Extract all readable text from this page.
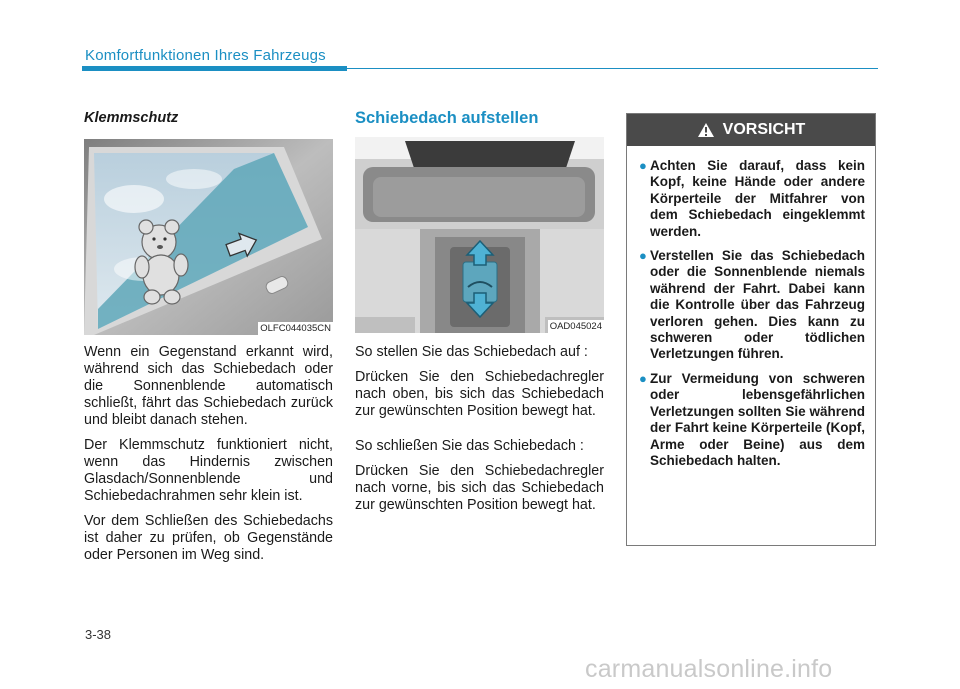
Komfortfunktionen Ihres Fahrzeugs

Klemmschutz

OLFC044035CN

Wenn ein Gegenstand erkannt wird, während sich das Schiebedach oder die Sonnenblende automatisch schließt, fährt das Schiebedach zurück und bleibt danach stehen.

Der Klemmschutz funktioniert nicht, wenn das Hindernis zwischen Glasdach/Sonnenblende und Schiebedachrahmen sehr klein ist.

Vor dem Schließen des Schiebedachs ist daher zu prüfen, ob Gegenstände oder Personen im Weg sind.

Schiebedach aufstellen

OAD045024

So stellen Sie das Schiebedach auf :

Drücken Sie den Schiebedachregler nach oben, bis sich das Schiebedach zur gewünschten Position bewegt hat.

So schließen Sie das Schiebedach :

Drücken Sie den Schiebedachregler nach vorne, bis sich das Schiebedach zur gewünschten Position bewegt hat.

VORSICHT
● Achten Sie darauf, dass kein Kopf, keine Hände oder andere Körperteile der Mitfahrer von dem Schiebedach eingeklemmt werden.
● Verstellen Sie das Schiebedach oder die Sonnenblende niemals während der Fahrt. Dabei kann die Kontrolle über das Fahrzeug verloren gehen. Dies kann zu schweren oder tödlichen Verletzungen führen.
● Zur Vermeidung von schweren oder lebensgefährlichen Verletzungen sollten Sie während der Fahrt keine Körperteile (Kopf, Arme oder Beine) aus dem Schiebedach halten.
3-38
carmanualsonline.info
